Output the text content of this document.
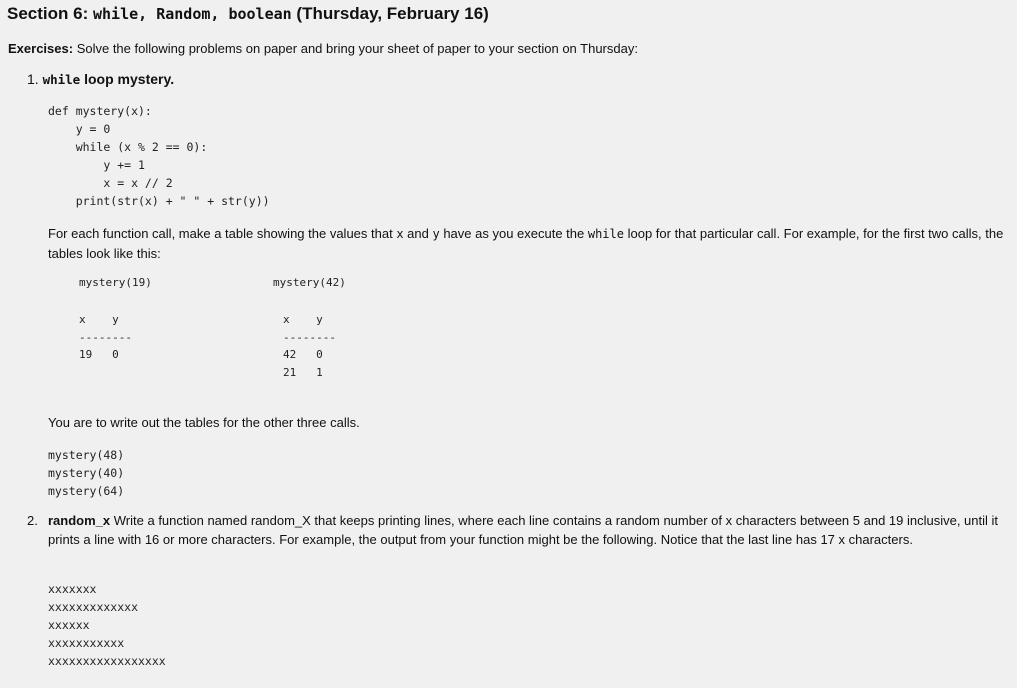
Section 6: while, Random, boolean (Thursday, February 16)
Exercises: Solve the following problems on paper and bring your sheet of paper to your section on Thursday:
1. while loop mystery.
def mystery(x):
y = 0
while (x % 2 == 0):
y += 1
x = x // 2
print(str(x) + " " + str(y))
For each function call, make a table showing the values that x and y have as you execute the while loop for that particular call. For example, for the first two calls, the tables look like this:
mystery(19)
x    y
--------
19   0
mystery(42)
x    y
--------
42   0
21   1
You are to write out the tables for the other three calls.
mystery(48)
mystery(40)
mystery(64)
2. random_x Write a function named random_X that keeps printing lines, where each line contains a random number of x characters between 5 and 19 inclusive, until it prints a line with 16 or more characters. For example, the output from your function might be the following. Notice that the last line has 17 x characters.
xxxxxxx
xxxxxxxxxxxxx
xxxxxx
xxxxxxxxxxx
xxxxxxxxxxxxxxxxx
